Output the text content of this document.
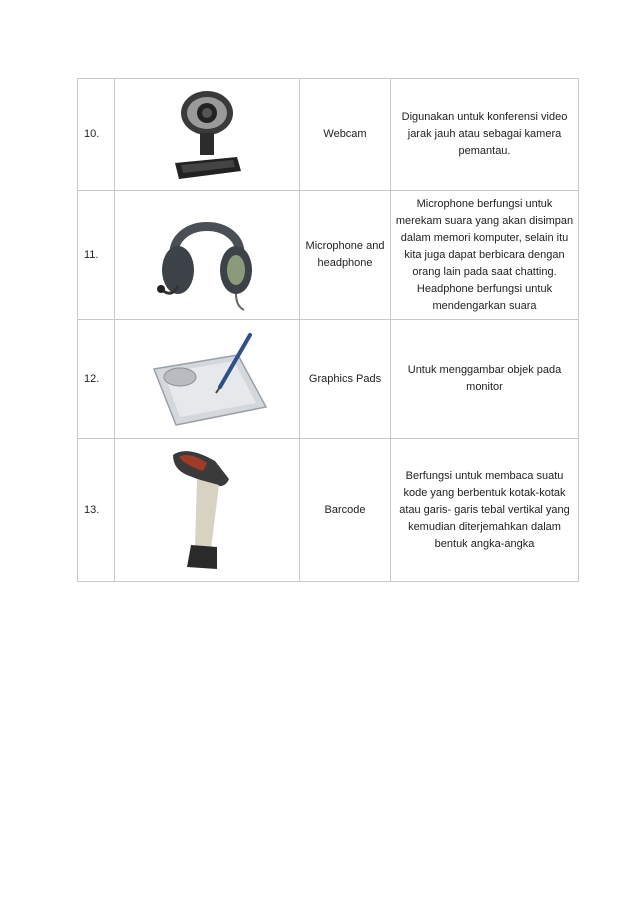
10.		Webcam	Digunakan untuk konferensi video jarak jauh atau sebagai kamera pemantau.
11.		Microphone and headphone	Microphone berfungsi untuk merekam suara yang akan disimpan dalam memori komputer, selain itu kita juga dapat berbicara dengan orang lain pada saat chatting. Headphone berfungsi untuk mendengarkan suara
12.		Graphics Pads	Untuk menggambar objek pada monitor
13.		Barcode	Berfungsi untuk membaca suatu kode yang berbentuk kotak-kotak atau garis- garis tebal vertikal yang kemudian diterjemahkan dalam bentuk angka-angka
